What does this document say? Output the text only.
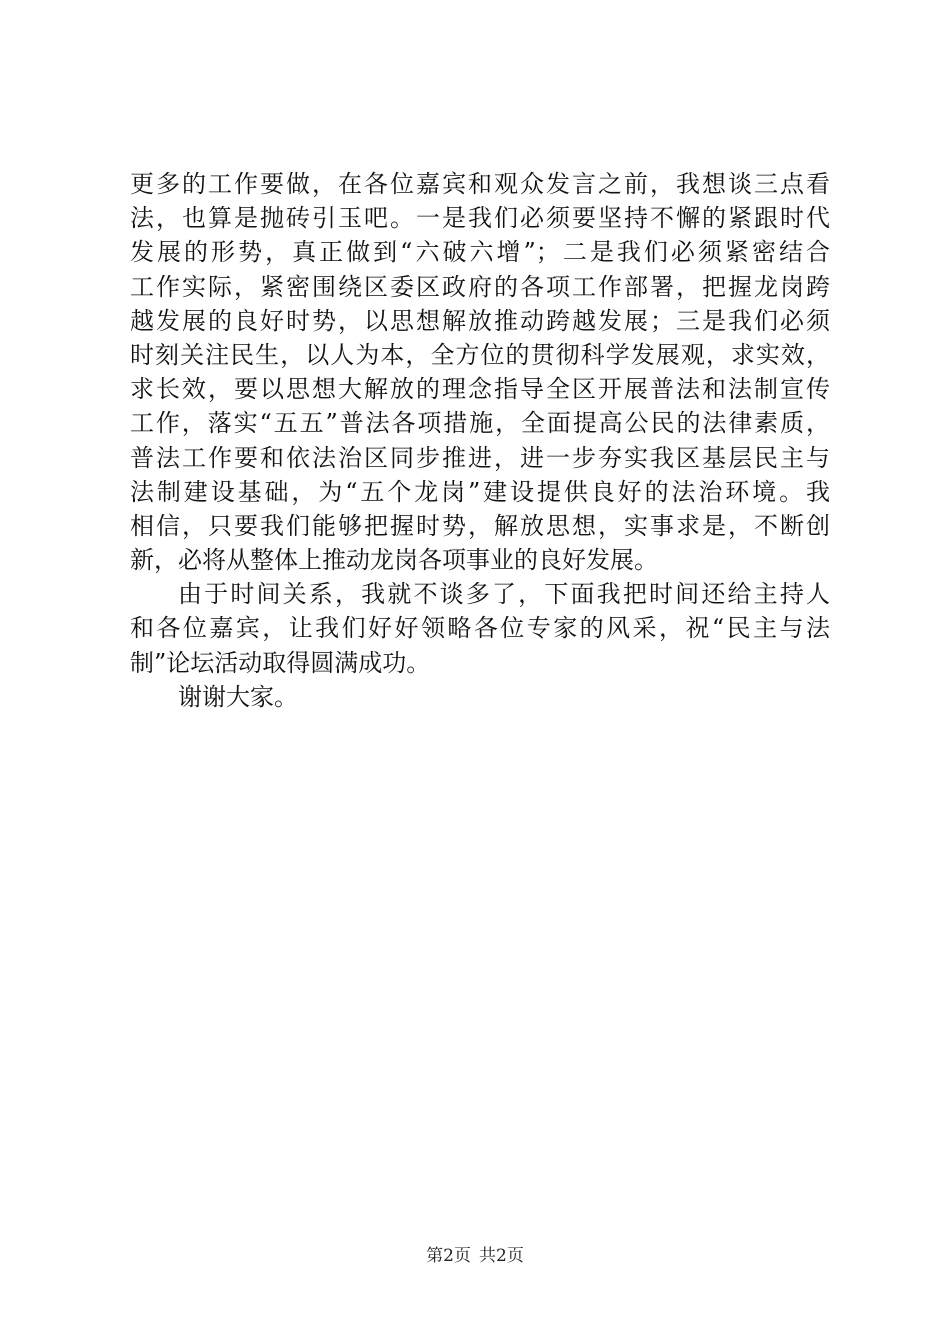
更多的工作要做，在各位嘉宾和观众发言之前，我想谈三点看
法，也算是抛砖引玉吧。一是我们必须要坚持不懈的紧跟时代
发展的形势，真正做到“六破六增”；二是我们必须紧密结合
工作实际，紧密围绕区委区政府的各项工作部署，把握龙岗跨
越发展的良好时势，以思想解放推动跨越发展；三是我们必须
时刻关注民生，以人为本，全方位的贯彻科学发展观，求实效，
求长效，要以思想大解放的理念指导全区开展普法和法制宣传
工作，落实“五五”普法各项措施，全面提高公民的法律素质，
普法工作要和依法治区同步推进，进一步夯实我区基层民主与
法制建设基础，为“五个龙岗”建设提供良好的法治环境。我
相信，只要我们能够把握时势，解放思想，实事求是，不断创
新，必将从整体上推动龙岗各项事业的良好发展。
由于时间关系，我就不谈多了，下面我把时间还给主持人
和各位嘉宾，让我们好好领略各位专家的风采，祝“民主与法
制”论坛活动取得圆满成功。
谢谢大家。
第2页 共2页
